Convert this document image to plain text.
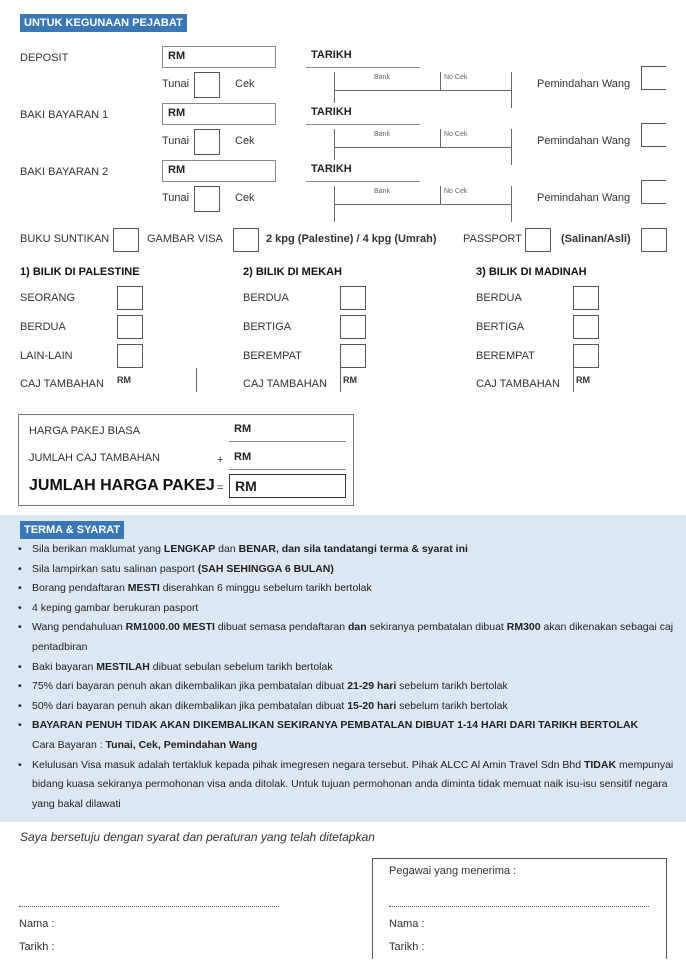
UNTUK KEGUNAAN PEJABAT
DEPOSIT	RM	TARIKH
Tunai	Cek
Bank	No Cek
Pemindahan Wang
BAKI BAYARAN 1	RM	TARIKH
Tunai	Cek
Bank	No Cek
Pemindahan Wang
BAKI BAYARAN 2	RM	TARIKH
Tunai	Cek
Bank	No Cek
Pemindahan Wang
BUKU SUNTIKAN	GAMBAR VISA	2 kpg (Palestine) / 4 kpg (Umrah) PASSPORT	(Salinan/Asli)
1) BILIK DI PALESTINE
SEORANG
BERDUA
LAIN-LAIN
CAJ TAMBAHAN RM
2) BILIK DI MEKAH
BERDUA
BERTIGA
BEREMPAT
CAJ TAMBAHAN RM
3) BILIK DI MADINAH
BERDUA
BERTIGA
BEREMPAT
CAJ TAMBAHAN RM
HARGA PAKEJ BIASA	RM
JUMLAH CAJ TAMBAHAN	+ RM
JUMLAH HARGA PAKEJ = RM
TERMA & SYARAT
• Sila berikan maklumat yang LENGKAP dan BENAR, dan sila tandatangi terma & syarat ini
• Sila lampirkan satu salinan pasport (SAH SEHINGGA 6 BULAN)
• Borang pendaftaran MESTI diserahkan 6 minggu sebelum tarikh bertolak
• 4 keping gambar berukuran pasport
• Wang pendahuluan RM1000.00 MESTI dibuat semasa pendaftaran dan sekiranya pembatalan dibuat RM300 akan dikenakan sebagai caj pentadbiran
• Baki bayaran MESTILAH dibuat sebulan sebelum tarikh bertolak
• 75% dari bayaran penuh akan dikembalikan jika pembatalan dibuat 21-29 hari sebelum tarikh bertolak
• 50% dari bayaran penuh akan dikembalikan jika pembatalan dibuat 15-20 hari sebelum tarikh bertolak
• BAYARAN PENUH TIDAK AKAN DIKEMBALIKAN SEKIRANYA PEMBATALAN DIBUAT 1-14 HARI DARI TARIKH BERTOLAK
Cara Bayaran : Tunai, Cek, Pemindahan Wang
• Kelulusan Visa masuk adalah tertakluk kepada pihak imegresen negara tersebut. Pihak ALCC Al Amin Travel Sdn Bhd TIDAK mempunyai bidang kuasa sekiranya permohonan visa anda ditolak. Untuk tujuan permohonan anda diminta tidak memuat naik isu-isu sensitif negara yang bakal dilawati
Saya bersetuju dengan syarat dan peraturan yang telah ditetapkan
Nama :
Tarikh :
Pegawai yang menerima :
Nama :
Tarikh :
